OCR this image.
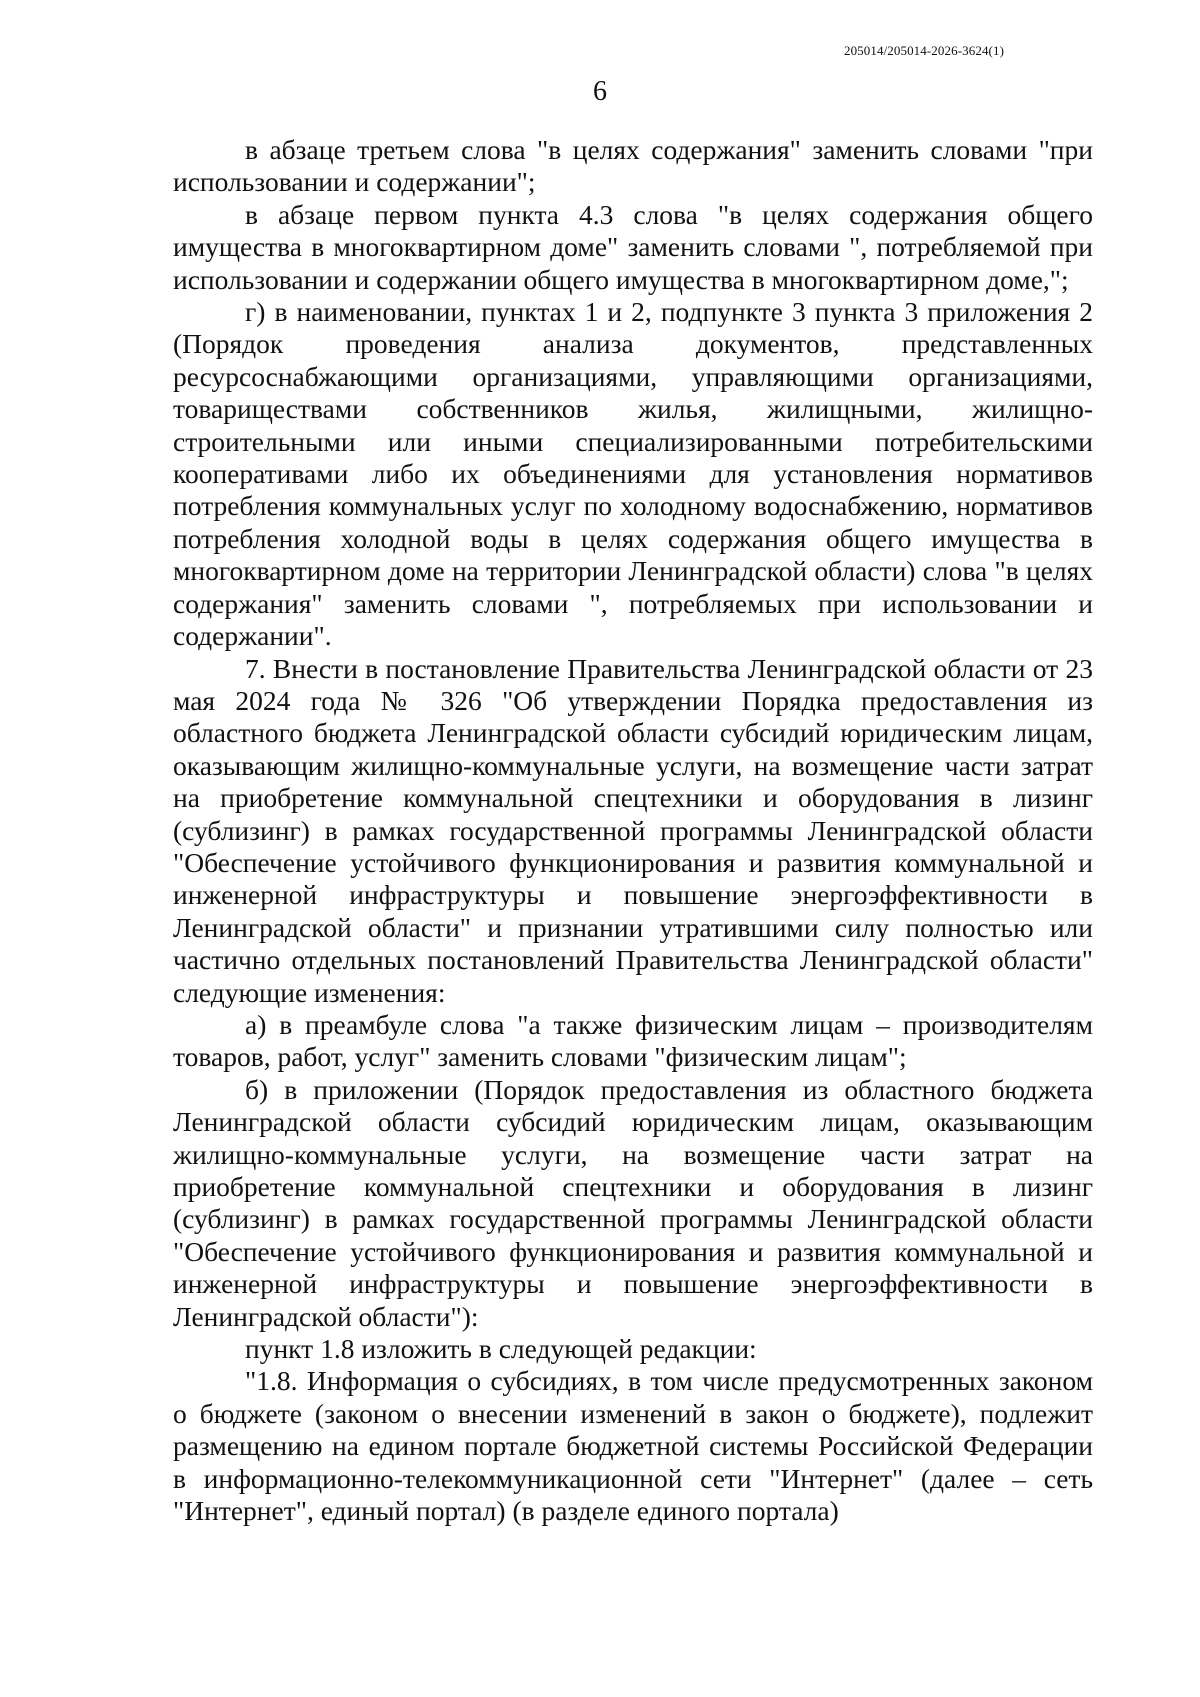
205014/205014-2026-3624(1)
6

в абзаце третьем слова "в целях содержания" заменить словами "при использовании и содержании";

в абзаце первом пункта 4.3 слова "в целях содержания общего имущества в многоквартирном доме" заменить словами ", потребляемой при использовании и содержании общего имущества в многоквартирном доме,";

г) в наименовании, пунктах 1 и 2, подпункте 3 пункта 3 приложения 2 (Порядок проведения анализа документов, представленных ресурсоснабжающими организациями, управляющими организациями, товариществами собственников жилья, жилищными, жилищно-строительными или иными специализированными потребительскими кооперативами либо их объединениями для установления нормативов потребления коммунальных услуг по холодному водоснабжению, нормативов потребления холодной воды в целях содержания общего имущества в многоквартирном доме на территории Ленинградской области) слова "в целях содержания" заменить словами ", потребляемых при использовании и содержании".

7. Внести в постановление Правительства Ленинградской области от 23 мая 2024 года № 326 "Об утверждении Порядка предоставления из областного бюджета Ленинградской области субсидий юридическим лицам, оказывающим жилищно-коммунальные услуги, на возмещение части затрат на приобретение коммунальной спецтехники и оборудования в лизинг (сублизинг) в рамках государственной программы Ленинградской области "Обеспечение устойчивого функционирования и развития коммунальной и инженерной инфраструктуры и повышение энергоэффективности в Ленинградской области" и признании утратившими силу полностью или частично отдельных постановлений Правительства Ленинградской области" следующие изменения:

а) в преамбуле слова "а также физическим лицам – производителям товаров, работ, услуг" заменить словами "физическим лицам";

б) в приложении (Порядок предоставления из областного бюджета Ленинградской области субсидий юридическим лицам, оказывающим жилищно-коммунальные услуги, на возмещение части затрат на приобретение коммунальной спецтехники и оборудования в лизинг (сублизинг) в рамках государственной программы Ленинградской области "Обеспечение устойчивого функционирования и развития коммунальной и инженерной инфраструктуры и повышение энергоэффективности в Ленинградской области"):

пункт 1.8 изложить в следующей редакции:

"1.8. Информация о субсидиях, в том числе предусмотренных законом о бюджете (законом о внесении изменений в закон о бюджете), подлежит размещению на едином портале бюджетной системы Российской Федерации в информационно-телекоммуникационной сети "Интернет" (далее – сеть "Интернет", единый портал) (в разделе единого портала)
